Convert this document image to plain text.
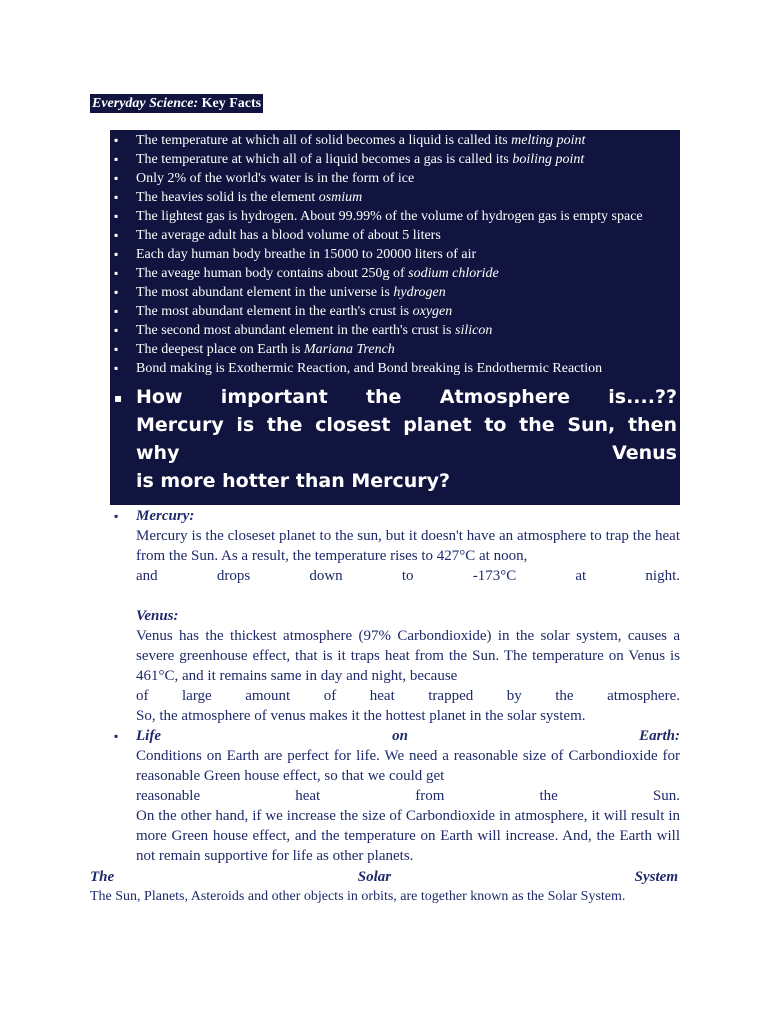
Everyday Science: Key Facts
▪ The temperature at which all of solid becomes a liquid is called its melting point
▪ The temperature at which all of a liquid becomes a gas is called its boiling point
▪ Only 2% of the world's water is in the form of ice
▪ The heavies solid is the element osmium
▪ The lightest gas is hydrogen. About 99.99% of the volume of hydrogen gas is empty space
▪ The average adult has a blood volume of about 5 liters
▪ Each day human body breathe in 15000 to 20000 liters of air
▪ The aveage human body contains about 250g of sodium chloride
▪ The most abundant element in the universe is hydrogen
▪ The most abundant element in the earth's crust is oxygen
▪ The second most abundant element in the earth's crust is silicon
▪ The deepest place on Earth is Mariana Trench
▪ Bond making is Exothermic Reaction, and Bond breaking is Endothermic Reaction
▪ How important the Atmosphere is....??
Mercury is the closest planet to the Sun, then why Venus
is more hotter than Mercury?
▪ Mercury:
Mercury is the closeset planet to the sun, but it doesn't have an atmosphere to trap the heat from the Sun. As a result, the temperature rises to 427°C at noon,
and drops down to -173°C at night.
Venus:
Venus has the thickest atmosphere (97% Carbondioxide) in the solar system, causes a severe greenhouse effect, that is it traps heat from the Sun. The temperature on Venus is 461°C, and it remains same in day and night, because
of large amount of heat trapped by the atmosphere.
So, the atmosphere of venus makes it the hottest planet in the solar system.
▪ Life	on	Earth:
Conditions on Earth are perfect for life. We need a reasonable size of Carbondioxide for reasonable Green house effect, so that we could get
reasonable heat from the Sun.
On the other hand, if we increase the size of Carbondioxide in atmosphere, it will result in more Green house effect, and the temperature on Earth will increase. And, the Earth will not remain supportive for life as other planets.
The	Solar	System
The Sun, Planets, Asteroids and other objects in orbits, are together known as the Solar System.
